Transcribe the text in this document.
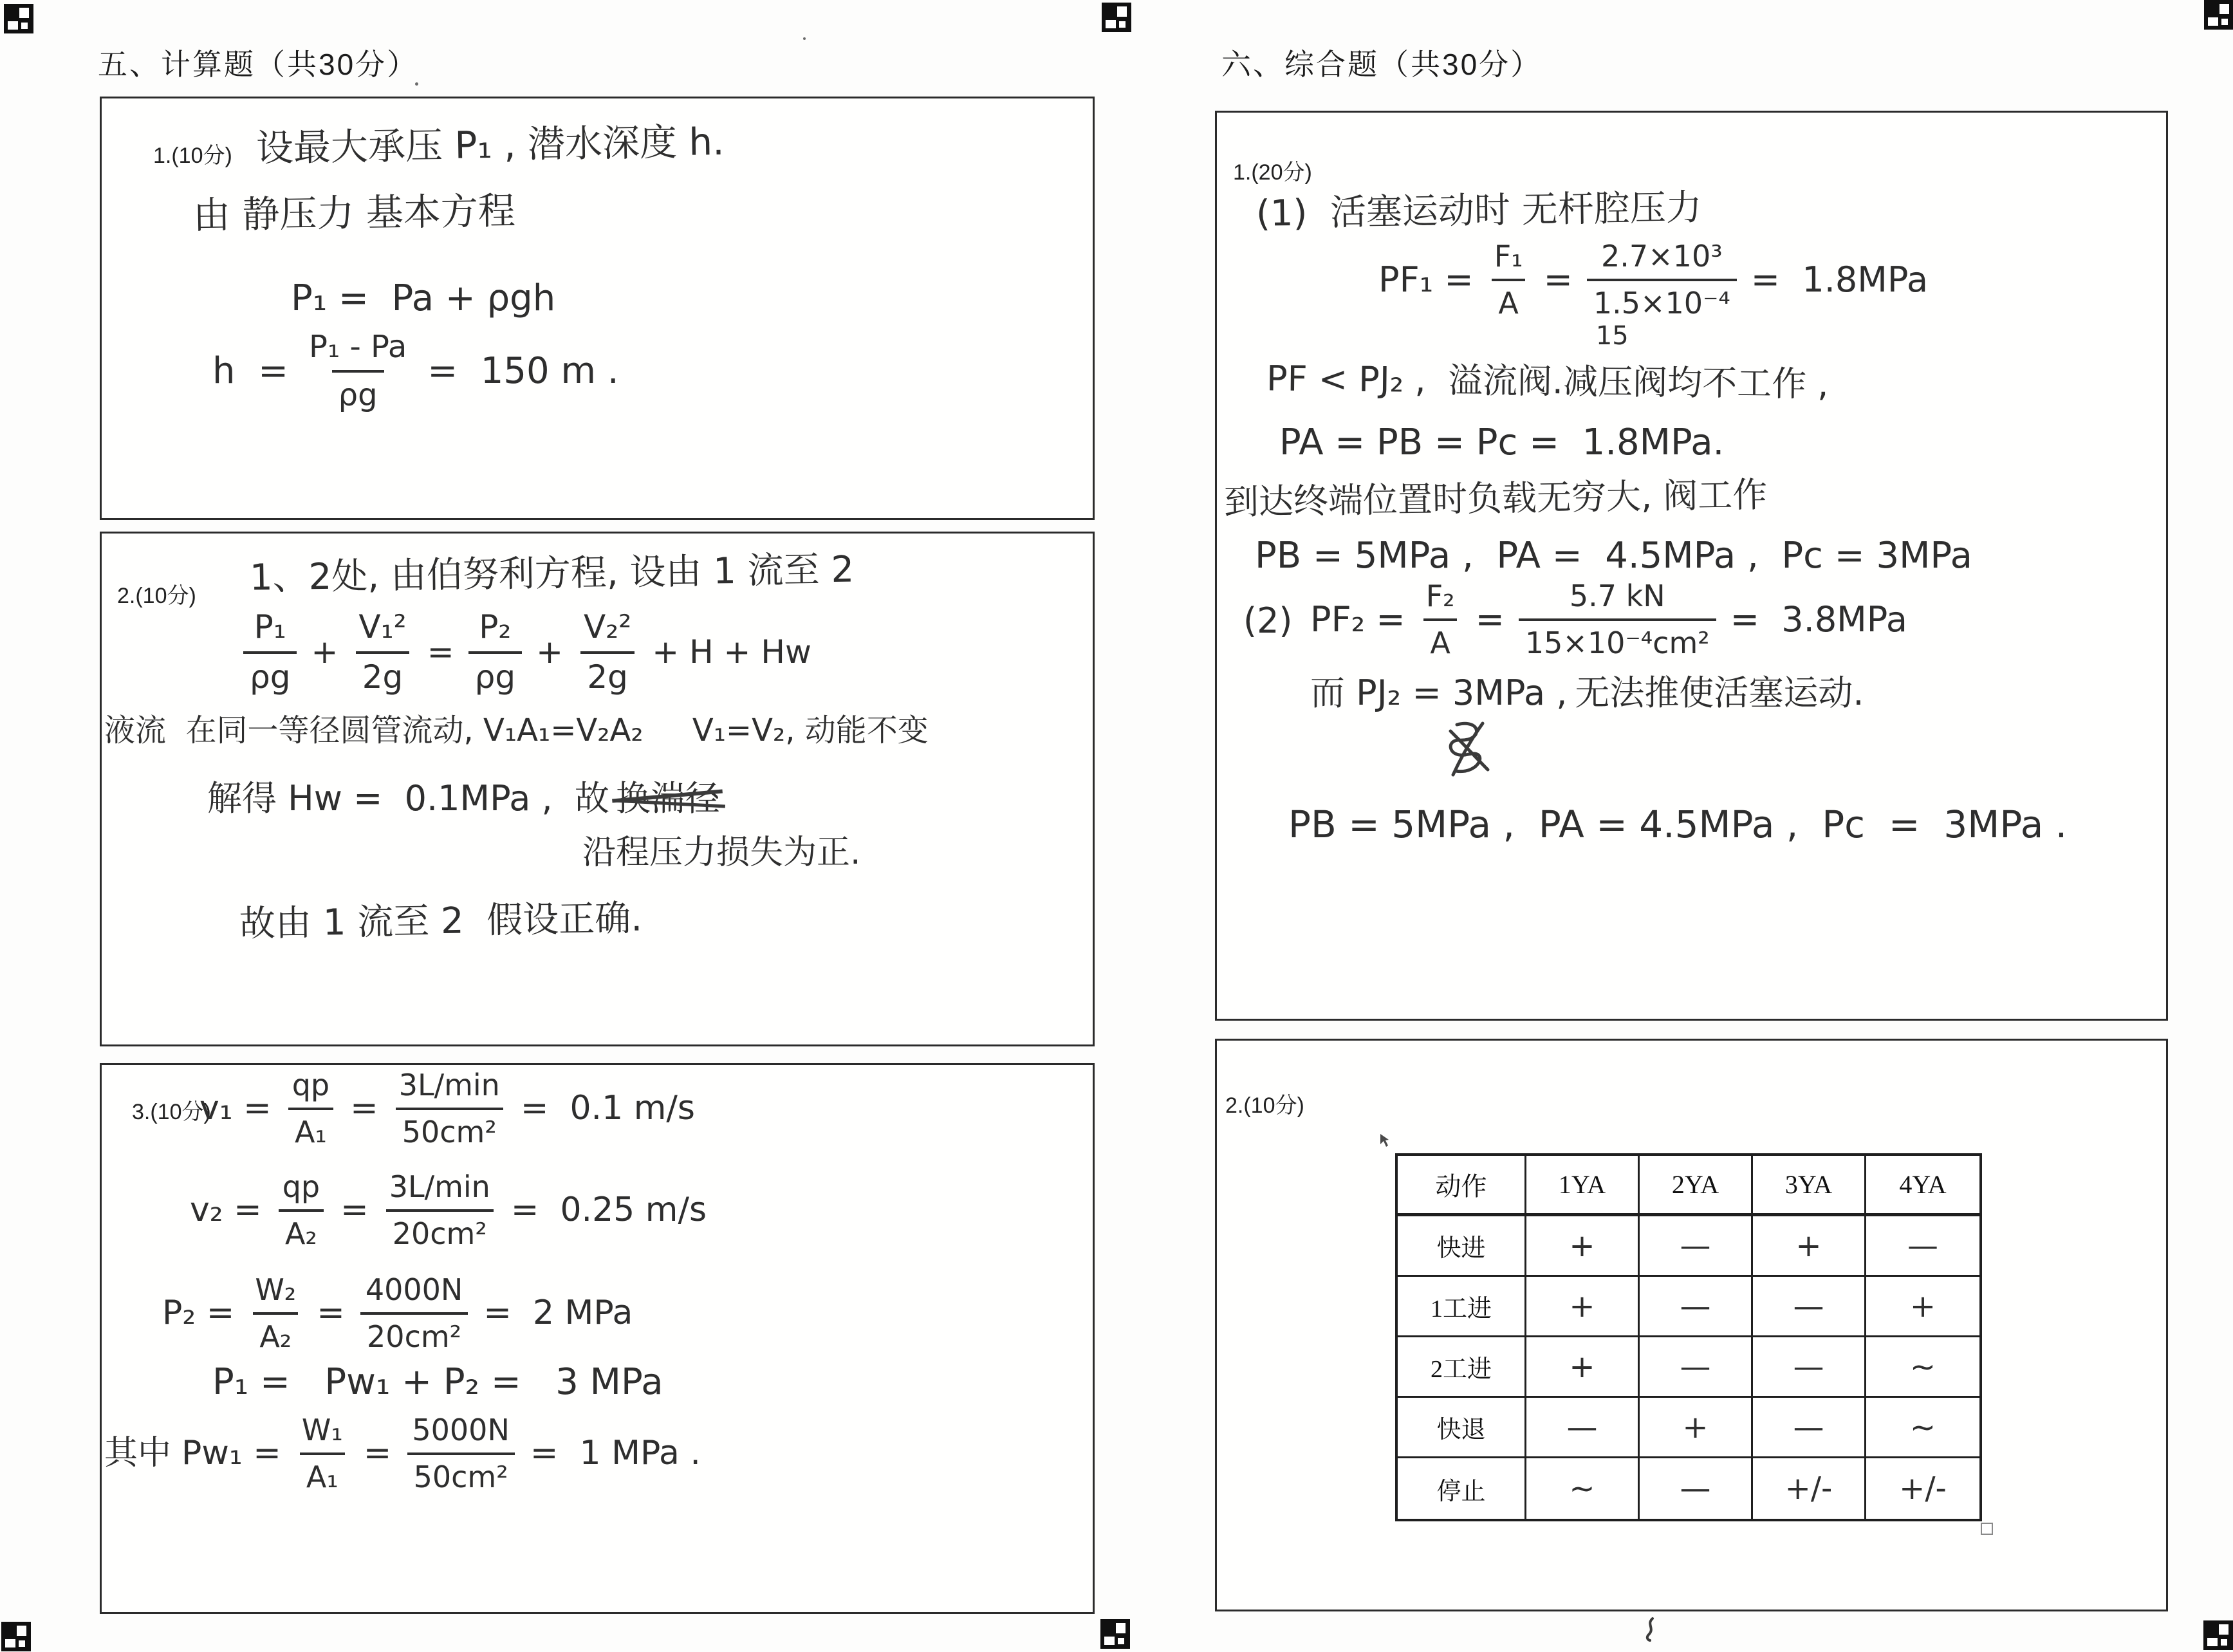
五、计算题（共30分）
1.(10分) 设最大承压 P₁ , 潜水深度 h.
由 静压力 基本方程
P₁ =  Pa + ρgh
$h = \frac{\text{P₁ - Pa}}{\rho g} = 150$ m .
2.(10分) 1、2处, 由伯努利方程, 设由 1 流至 2
$\frac{\text{P₁}}{\rho g} + \frac{\text{V₁²}}{2g} = \frac{\text{P₂}}{\rho g} + \frac{\text{V₂²}}{2g} + H + Hw$
液流  在同一等径圆管流动, V₁A₁=V₂A₂     V₁=V₂, 动能不变
解得 Hw =  0.1MPa ,  故 换湍径
沿程压力损失为正.
故由 1 流至 2  假设正确.
3.(10分)
$v_1 = \frac{qp}{\text{A₁}} = \frac{3L/\min}{\text{50cm²}} = 0.1$ m/s
$v_2 = \frac{qp}{\text{A₂}} = \frac{3L/\min}{\text{20cm²}} = 0.25$ m/s
$P_2 = \frac{\text{W₂}}{\text{A₂}} = \frac{4000N}{\text{20cm²}} = 2$ MPa
P₁ =   Pw₁ + P₂ =   3 MPa
其中 $Pw_1 = \frac{\text{W₁}}{\text{A₁}} = \frac{5000N}{\text{50cm²}} = 1$ MPa .
六、综合题（共30分）
1.(20分)
(1)  活塞运动时 无杆腔压力
$PF_1 = \frac{\text{F₁}}{A}$ =
2.7×10³
1.5×10⁻⁴
15
=  1.8MPa
PF < PJ₂ ,  溢流阀.减压阀均不工作 ,
PA = PB = Pc =  1.8MPa.
到达终端位置时负载无穷大, 阀工作
PB = 5MPa ,  PA =  4.5MPa ,  Pc = 3MPa
(2) $PF_2 = \frac{\text{F₂}}{A} = \frac{5.7 kN}{\text{15×10⁻⁴cm²}} = 3.8MPa$
而 PJ₂ = 3MPa , 无法推使活塞运动.
PB = 5MPa ,  PA = 4.5MPa ,  Pc  =  3MPa .
2.(10分)
动作	1YA	2YA	3YA	4YA
快进	+	—	+	—
1工进	+	—	—	+
2工进	+	—	—	~
快退	—	+	—	~
停止	~	—	+/-	+/-
